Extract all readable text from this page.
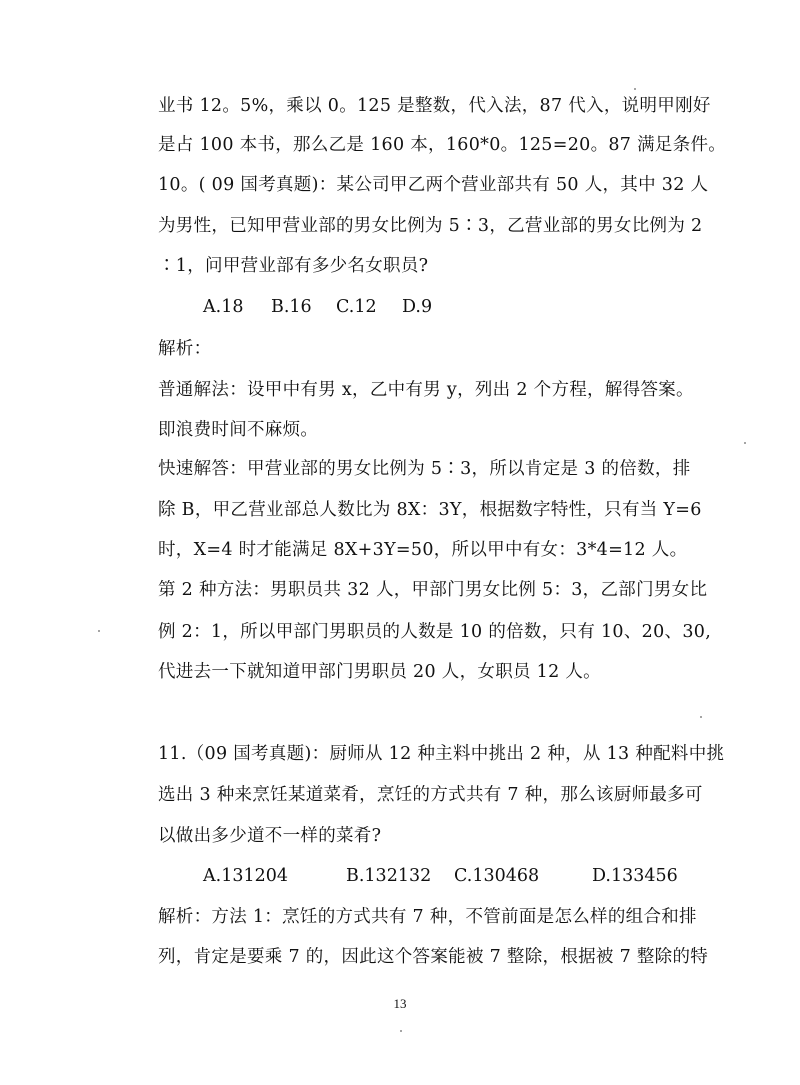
业书 12。5%，乘以 0。125 是整数，代入法，87 代入，说明甲刚好
是占 100 本书，那么乙是 160 本，160*0。125=20。87 满足条件。
10。( 09 国考真题)：某公司甲乙两个营业部共有 50 人，其中 32 人
为男性，已知甲营业部的男女比例为 5∶3，乙营业部的男女比例为 2
∶1，问甲营业部有多少名女职员?
A.18 B.16 C.12 D.9
解析：
普通解法：设甲中有男 x，乙中有男 y，列出 2 个方程，解得答案。
即浪费时间不麻烦。
快速解答：甲营业部的男女比例为 5∶3，所以肯定是 3 的倍数，排
除 B，甲乙营业部总人数比为 8X：3Y，根据数字特性，只有当 Y=6
时，X=4 时才能满足 8X+3Y=50，所以甲中有女：3*4=12 人。
第 2 种方法：男职员共 32 人，甲部门男女比例 5：3，乙部门男女比
例 2：1，所以甲部门男职员的人数是 10 的倍数，只有 10、20、30,
代进去一下就知道甲部门男职员 20 人，女职员 12 人。
11.（09 国考真题)：厨师从 12 种主料中挑出 2 种，从 13 种配料中挑
选出 3 种来烹饪某道菜肴，烹饪的方式共有 7 种，那么该厨师最多可
以做出多少道不一样的菜肴?
A.131204	B.132132 C.130468	D.133456
解析：方法 1：烹饪的方式共有 7 种，不管前面是怎么样的组合和排
列，肯定是要乘 7 的，因此这个答案能被 7 整除，根据被 7 整除的特
13
